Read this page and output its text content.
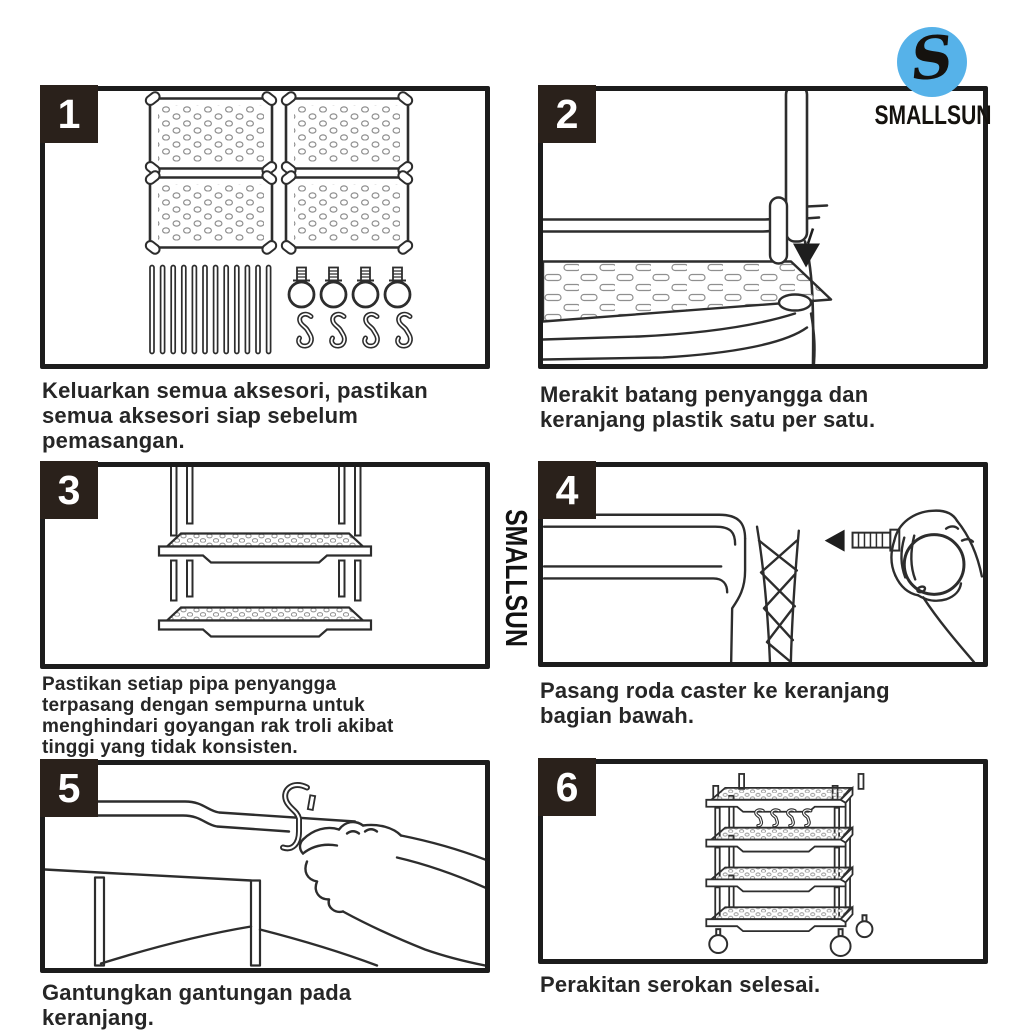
1
Keluarkan semua aksesori, pastikan semua aksesori siap sebelum pemasangan.
2
Merakit batang penyangga dan keranjang plastik satu per satu.
3
Pastikan setiap pipa penyangga terpasang dengan sempurna untuk menghindari goyangan rak troli akibat tinggi yang tidak konsisten.
4
Pasang roda caster ke keranjang bagian bawah.
5
Gantungkan gantungan pada keranjang.
6
Perakitan serokan selesai.
S
SMALLSUN
SMALLSUN
